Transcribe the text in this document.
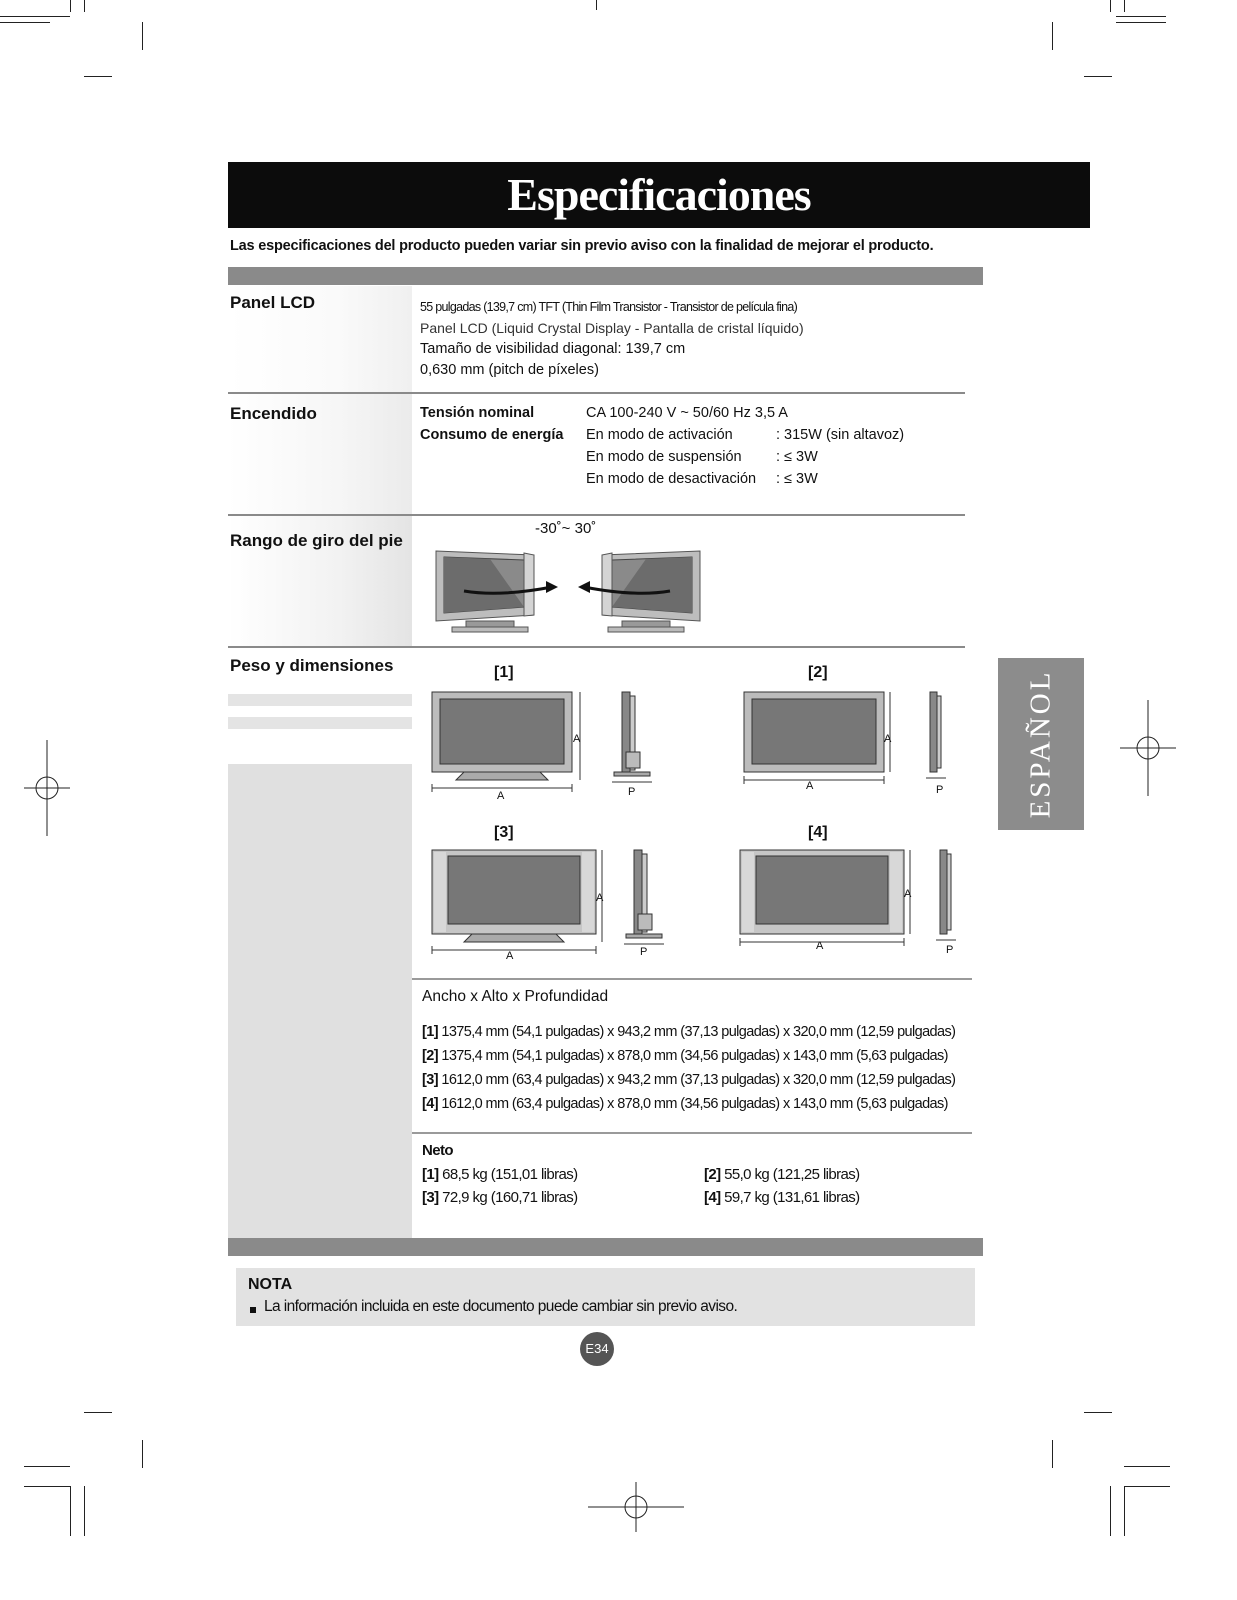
Especificaciones
Las especificaciones del producto pueden variar sin previo aviso con la finalidad de mejorar el producto.
Panel LCD	55 pulgadas (139,7 cm) TFT (Thin Film Transistor - Transistor de película fina)
Panel LCD (Liquid Crystal Display - Pantalla de cristal líquido)
Tamaño de visibilidad diagonal: 139,7 cm
0,630 mm (pitch de píxeles)
Encendido	Tensión nominal	CA 100-240 V ~ 50/60 Hz 3,5 A
Consumo de energía En modo de activación	: 315W (sin altavoz)
En modo de suspensión : ≤ 3W
En modo de desactivación : ≤ 3W
Rango de giro del pie
-30˚~ 30˚
Peso y dimensiones	[1]	[2]
[3]	[4]
A
A
P	A
A
P
A
A
P	A
A
P
Ancho x Alto x Profundidad
[1] 1375,4 mm (54,1 pulgadas) x 943,2 mm (37,13 pulgadas) x 320,0 mm (12,59 pulgadas)
[2] 1375,4 mm (54,1 pulgadas) x 878,0 mm (34,56 pulgadas) x 143,0 mm (5,63 pulgadas)
[3] 1612,0 mm (63,4 pulgadas) x 943,2 mm (37,13 pulgadas) x 320,0 mm (12,59 pulgadas)
[4] 1612,0 mm (63,4 pulgadas) x 878,0 mm (34,56 pulgadas) x 143,0 mm (5,63 pulgadas)
Neto
[1] 68,5 kg (151,01 libras)	[2] 55,0 kg (121,25 libras)
[3] 72,9 kg (160,71 libras)	[4] 59,7 kg (131,61 libras)
ESPAÑOL
NOTA
La información incluida en este documento puede cambiar sin previo aviso.
E34
